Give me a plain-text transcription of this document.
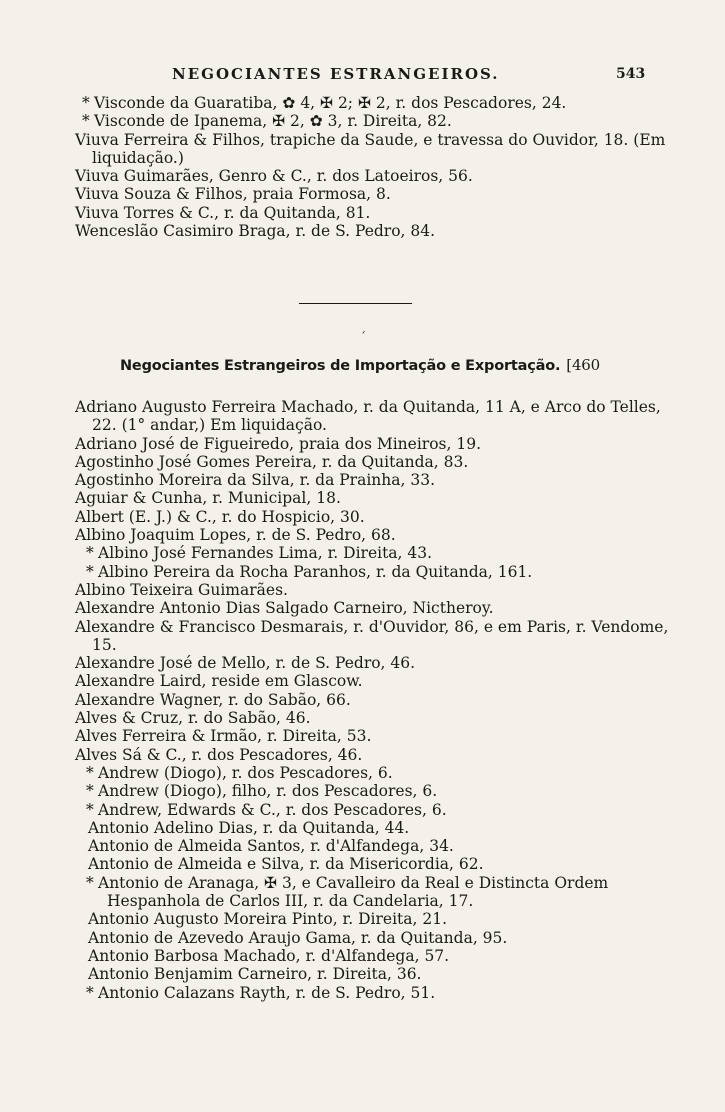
NEGOCIANTES ESTRANGEIROS.	543
* Visconde da Guaratiba, ✿ 4, ✠ 2; ✠ 2, r. dos Pescadores, 24.
* Visconde de Ipanema, ✠ 2, ✿ 3, r. Direita, 82.
Viuva Ferreira & Filhos, trapiche da Saude, e travessa do Ouvidor, 18. (Em liquidação.)
Viuva Guimarães, Genro & C., r. dos Latoeiros, 56.
Viuva Souza & Filhos, praia Formosa, 8.
Viuva Torres & C., r. da Quitanda, 81.
Wenceslão Casimiro Braga, r. de S. Pedro, 84.
´
Negociantes Estrangeiros de Importação e Exportação. [460
Adriano Augusto Ferreira Machado, r. da Quitanda, 11 A, e Arco do Telles, 22. (1° andar,) Em liquidação.
Adriano José de Figueiredo, praia dos Mineiros, 19.
Agostinho José Gomes Pereira, r. da Quitanda, 83.
Agostinho Moreira da Silva, r. da Prainha, 33.
Aguiar & Cunha, r. Municipal, 18.
Albert (E. J.) & C., r. do Hospicio, 30.
Albino Joaquim Lopes, r. de S. Pedro, 68.
* Albino José Fernandes Lima, r. Direita, 43.
* Albino Pereira da Rocha Paranhos, r. da Quitanda, 161.
Albino Teixeira Guimarães.
Alexandre Antonio Dias Salgado Carneiro, Nictheroy.
Alexandre & Francisco Desmarais, r. d'Ouvidor, 86, e em Paris, r. Vendome, 15.
Alexandre José de Mello, r. de S. Pedro, 46.
Alexandre Laird, reside em Glascow.
Alexandre Wagner, r. do Sabão, 66.
Alves & Cruz, r. do Sabão, 46.
Alves Ferreira & Irmão, r. Direita, 53.
Alves Sá & C., r. dos Pescadores, 46.
* Andrew (Diogo), r. dos Pescadores, 6.
* Andrew (Diogo), filho, r. dos Pescadores, 6.
* Andrew, Edwards & C., r. dos Pescadores, 6.
Antonio Adelino Dias, r. da Quitanda, 44.
Antonio de Almeida Santos, r. d'Alfandega, 34.
Antonio de Almeida e Silva, r. da Misericordia, 62.
* Antonio de Aranaga, ✠ 3, e Cavalleiro da Real e Distincta Ordem Hespanhola de Carlos III, r. da Candelaria, 17.
Antonio Augusto Moreira Pinto, r. Direita, 21.
Antonio de Azevedo Araujo Gama, r. da Quitanda, 95.
Antonio Barbosa Machado, r. d'Alfandega, 57.
Antonio Benjamim Carneiro, r. Direita, 36.
* Antonio Calazans Rayth, r. de S. Pedro, 51.
